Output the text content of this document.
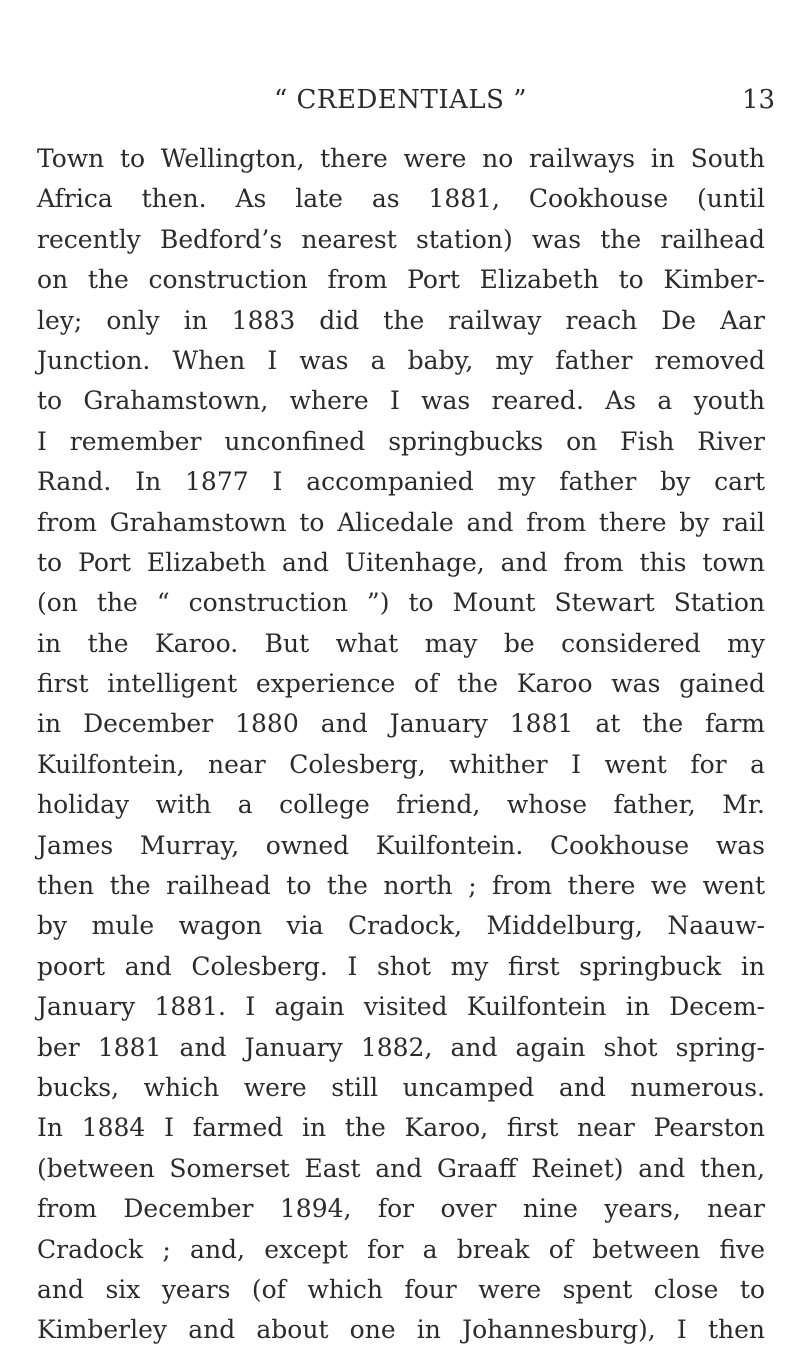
“ CREDENTIALS ”	13
Town to Wellington, there were no railways in South
Africa then. As late as 1881, Cookhouse (until
recently Bedford’s nearest station) was the railhead
on the construction from Port Elizabeth to Kimber-
ley; only in 1883 did the railway reach De Aar
Junction. When I was a baby, my father removed
to Grahamstown, where I was reared. As a youth
I remember unconfined springbucks on Fish River
Rand. In 1877 I accompanied my father by cart
from Grahamstown to Alicedale and from there by rail
to Port Elizabeth and Uitenhage, and from this town
(on the “ construction ”) to Mount Stewart Station
in the Karoo. But what may be considered my
first intelligent experience of the Karoo was gained
in December 1880 and January 1881 at the farm
Kuilfontein, near Colesberg, whither I went for a
holiday with a college friend, whose father, Mr.
James Murray, owned Kuilfontein. Cookhouse was
then the railhead to the north ; from there we went
by mule wagon via Cradock, Middelburg, Naauw-
poort and Colesberg. I shot my first springbuck in
January 1881. I again visited Kuilfontein in Decem-
ber 1881 and January 1882, and again shot spring-
bucks, which were still uncamped and numerous.
In 1884 I farmed in the Karoo, first near Pearston
(between Somerset East and Graaff Reinet) and then,
from December 1894, for over nine years, near
Cradock ; and, except for a break of between five
and six years (of which four were spent close to
Kimberley and about one in Johannesburg), I then
